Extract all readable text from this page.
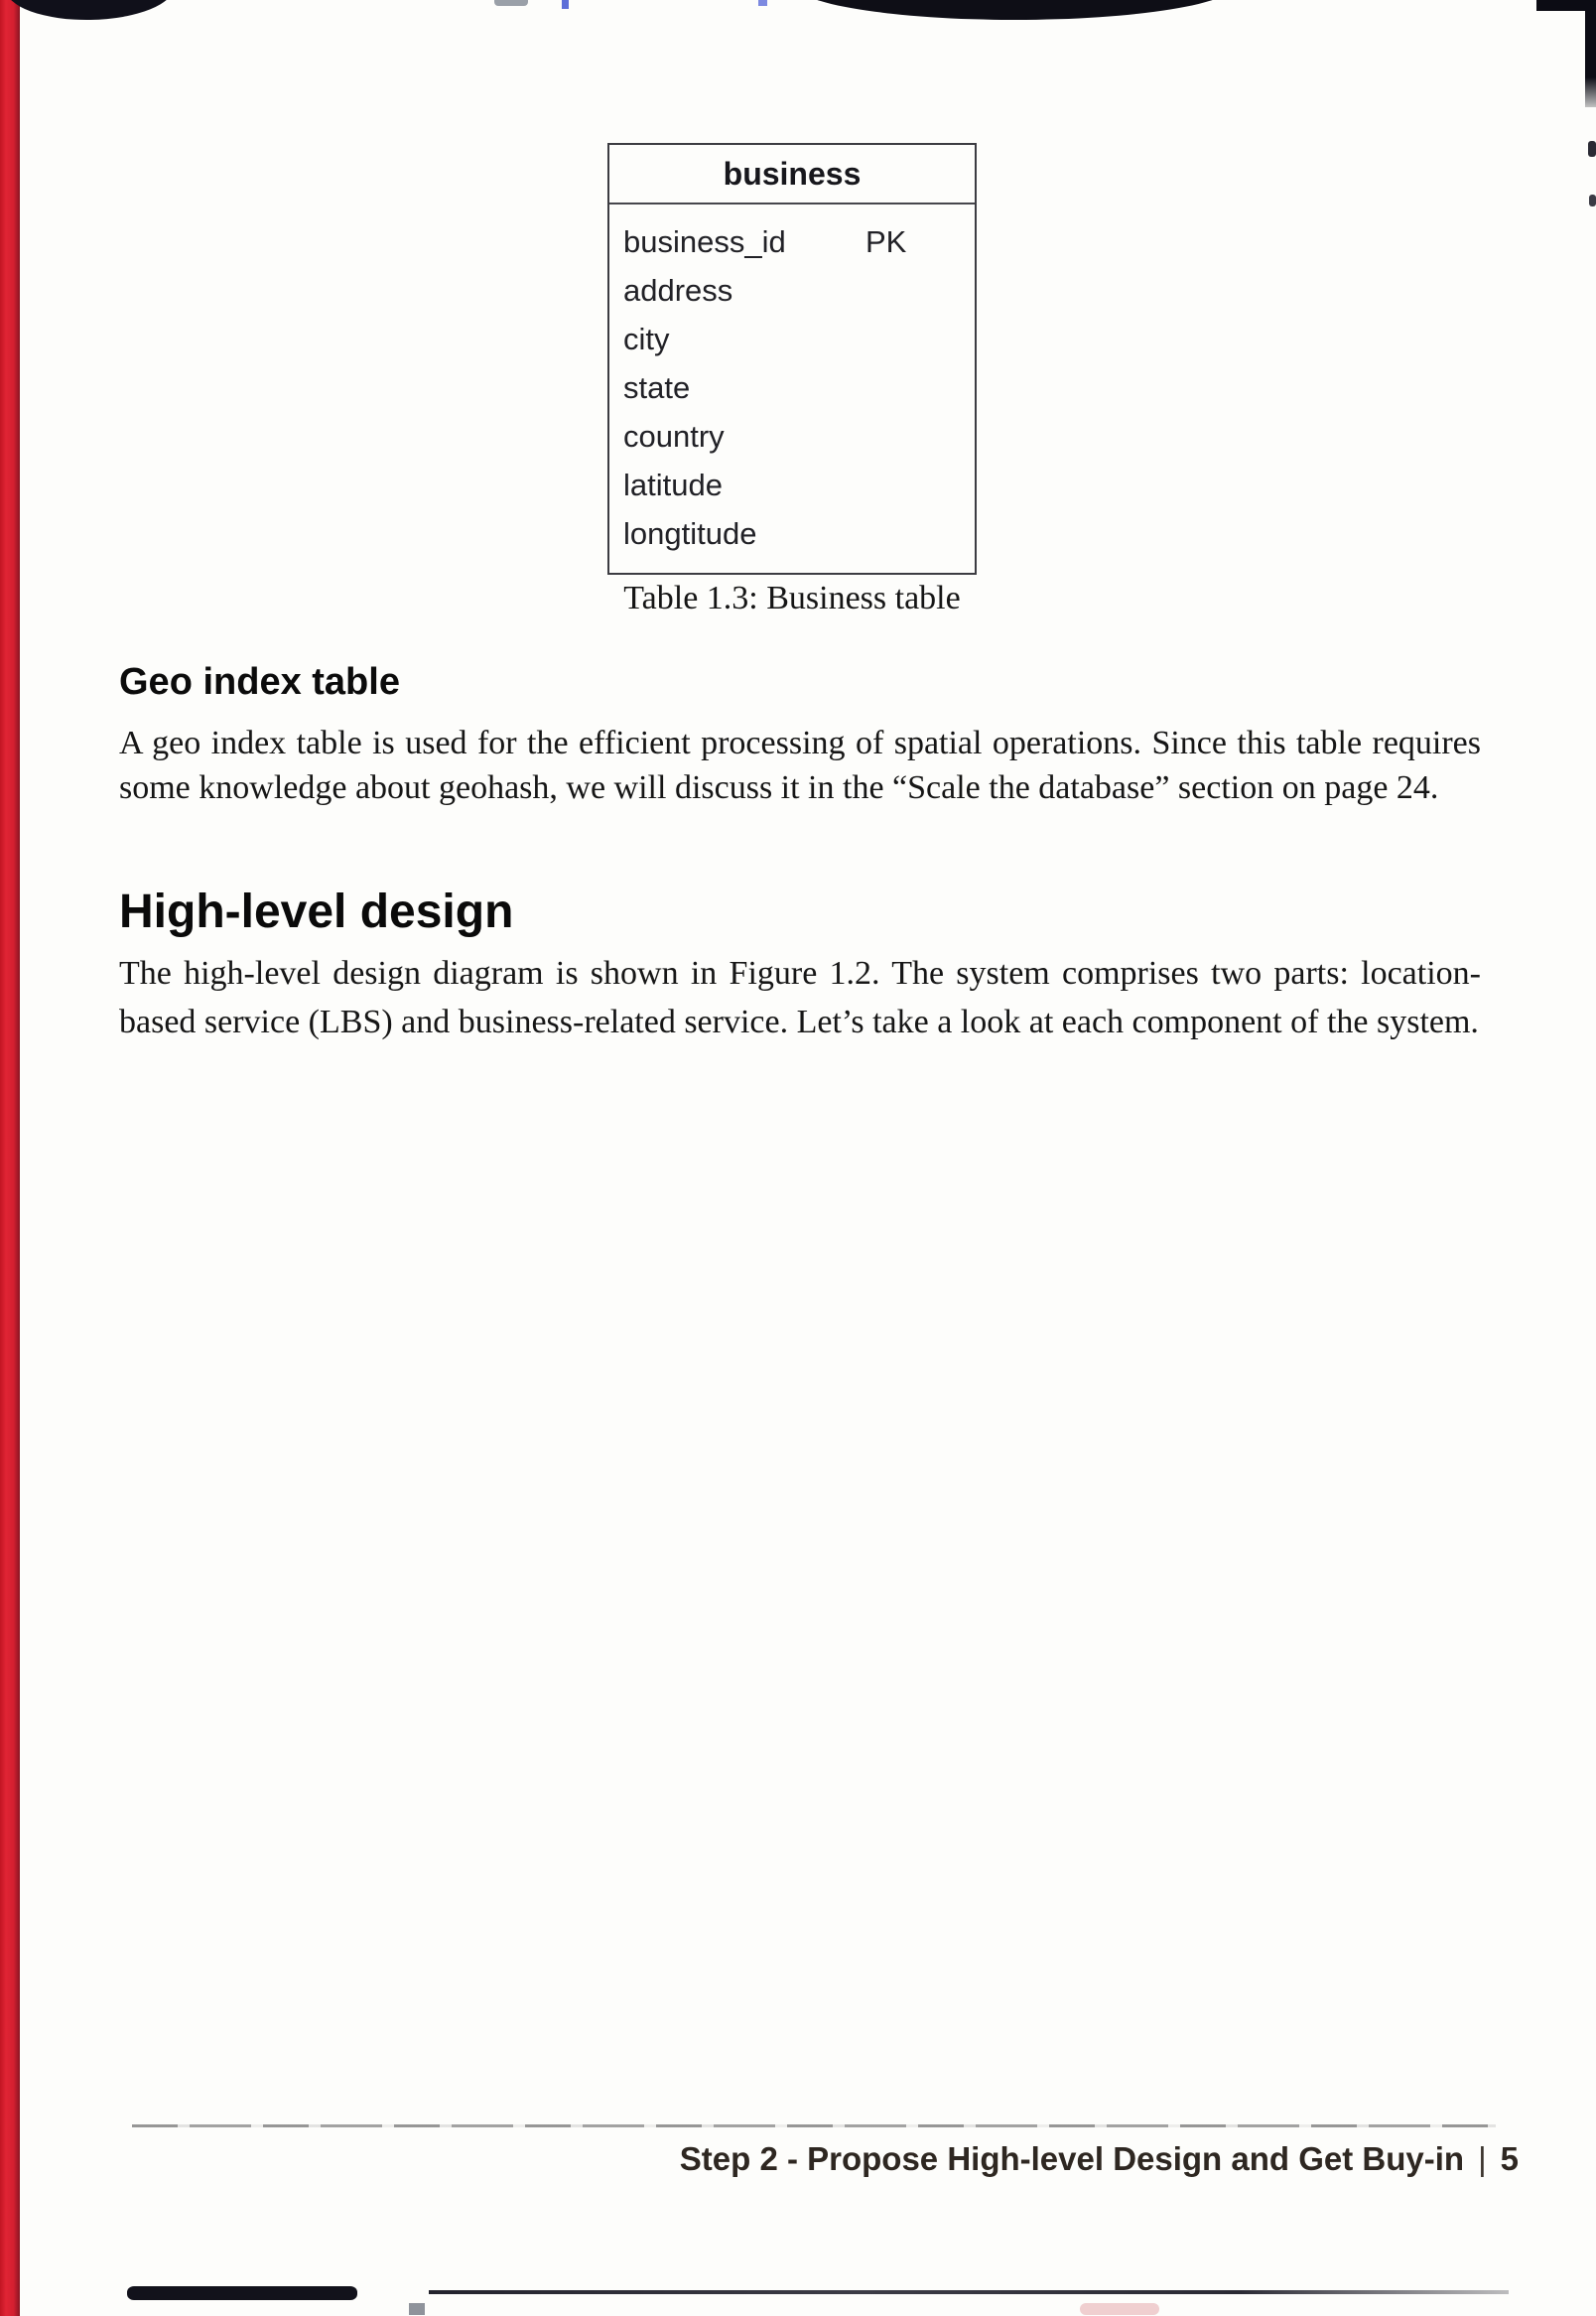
business
business_id	PK
address
city
state
country
latitude
longtitude
Table 1.3: Business table
Geo index table
A geo index table is used for the efficient processing of spatial operations. Since this table requires some knowledge about geohash, we will discuss it in the “Scale the database” section on page 24.
High-level design
The high-level design diagram is shown in Figure 1.2. The system comprises two parts: location-based service (LBS) and business-related service. Let’s take a look at each component of the system.
Step 2 - Propose High-level Design and Get Buy-in | 5
